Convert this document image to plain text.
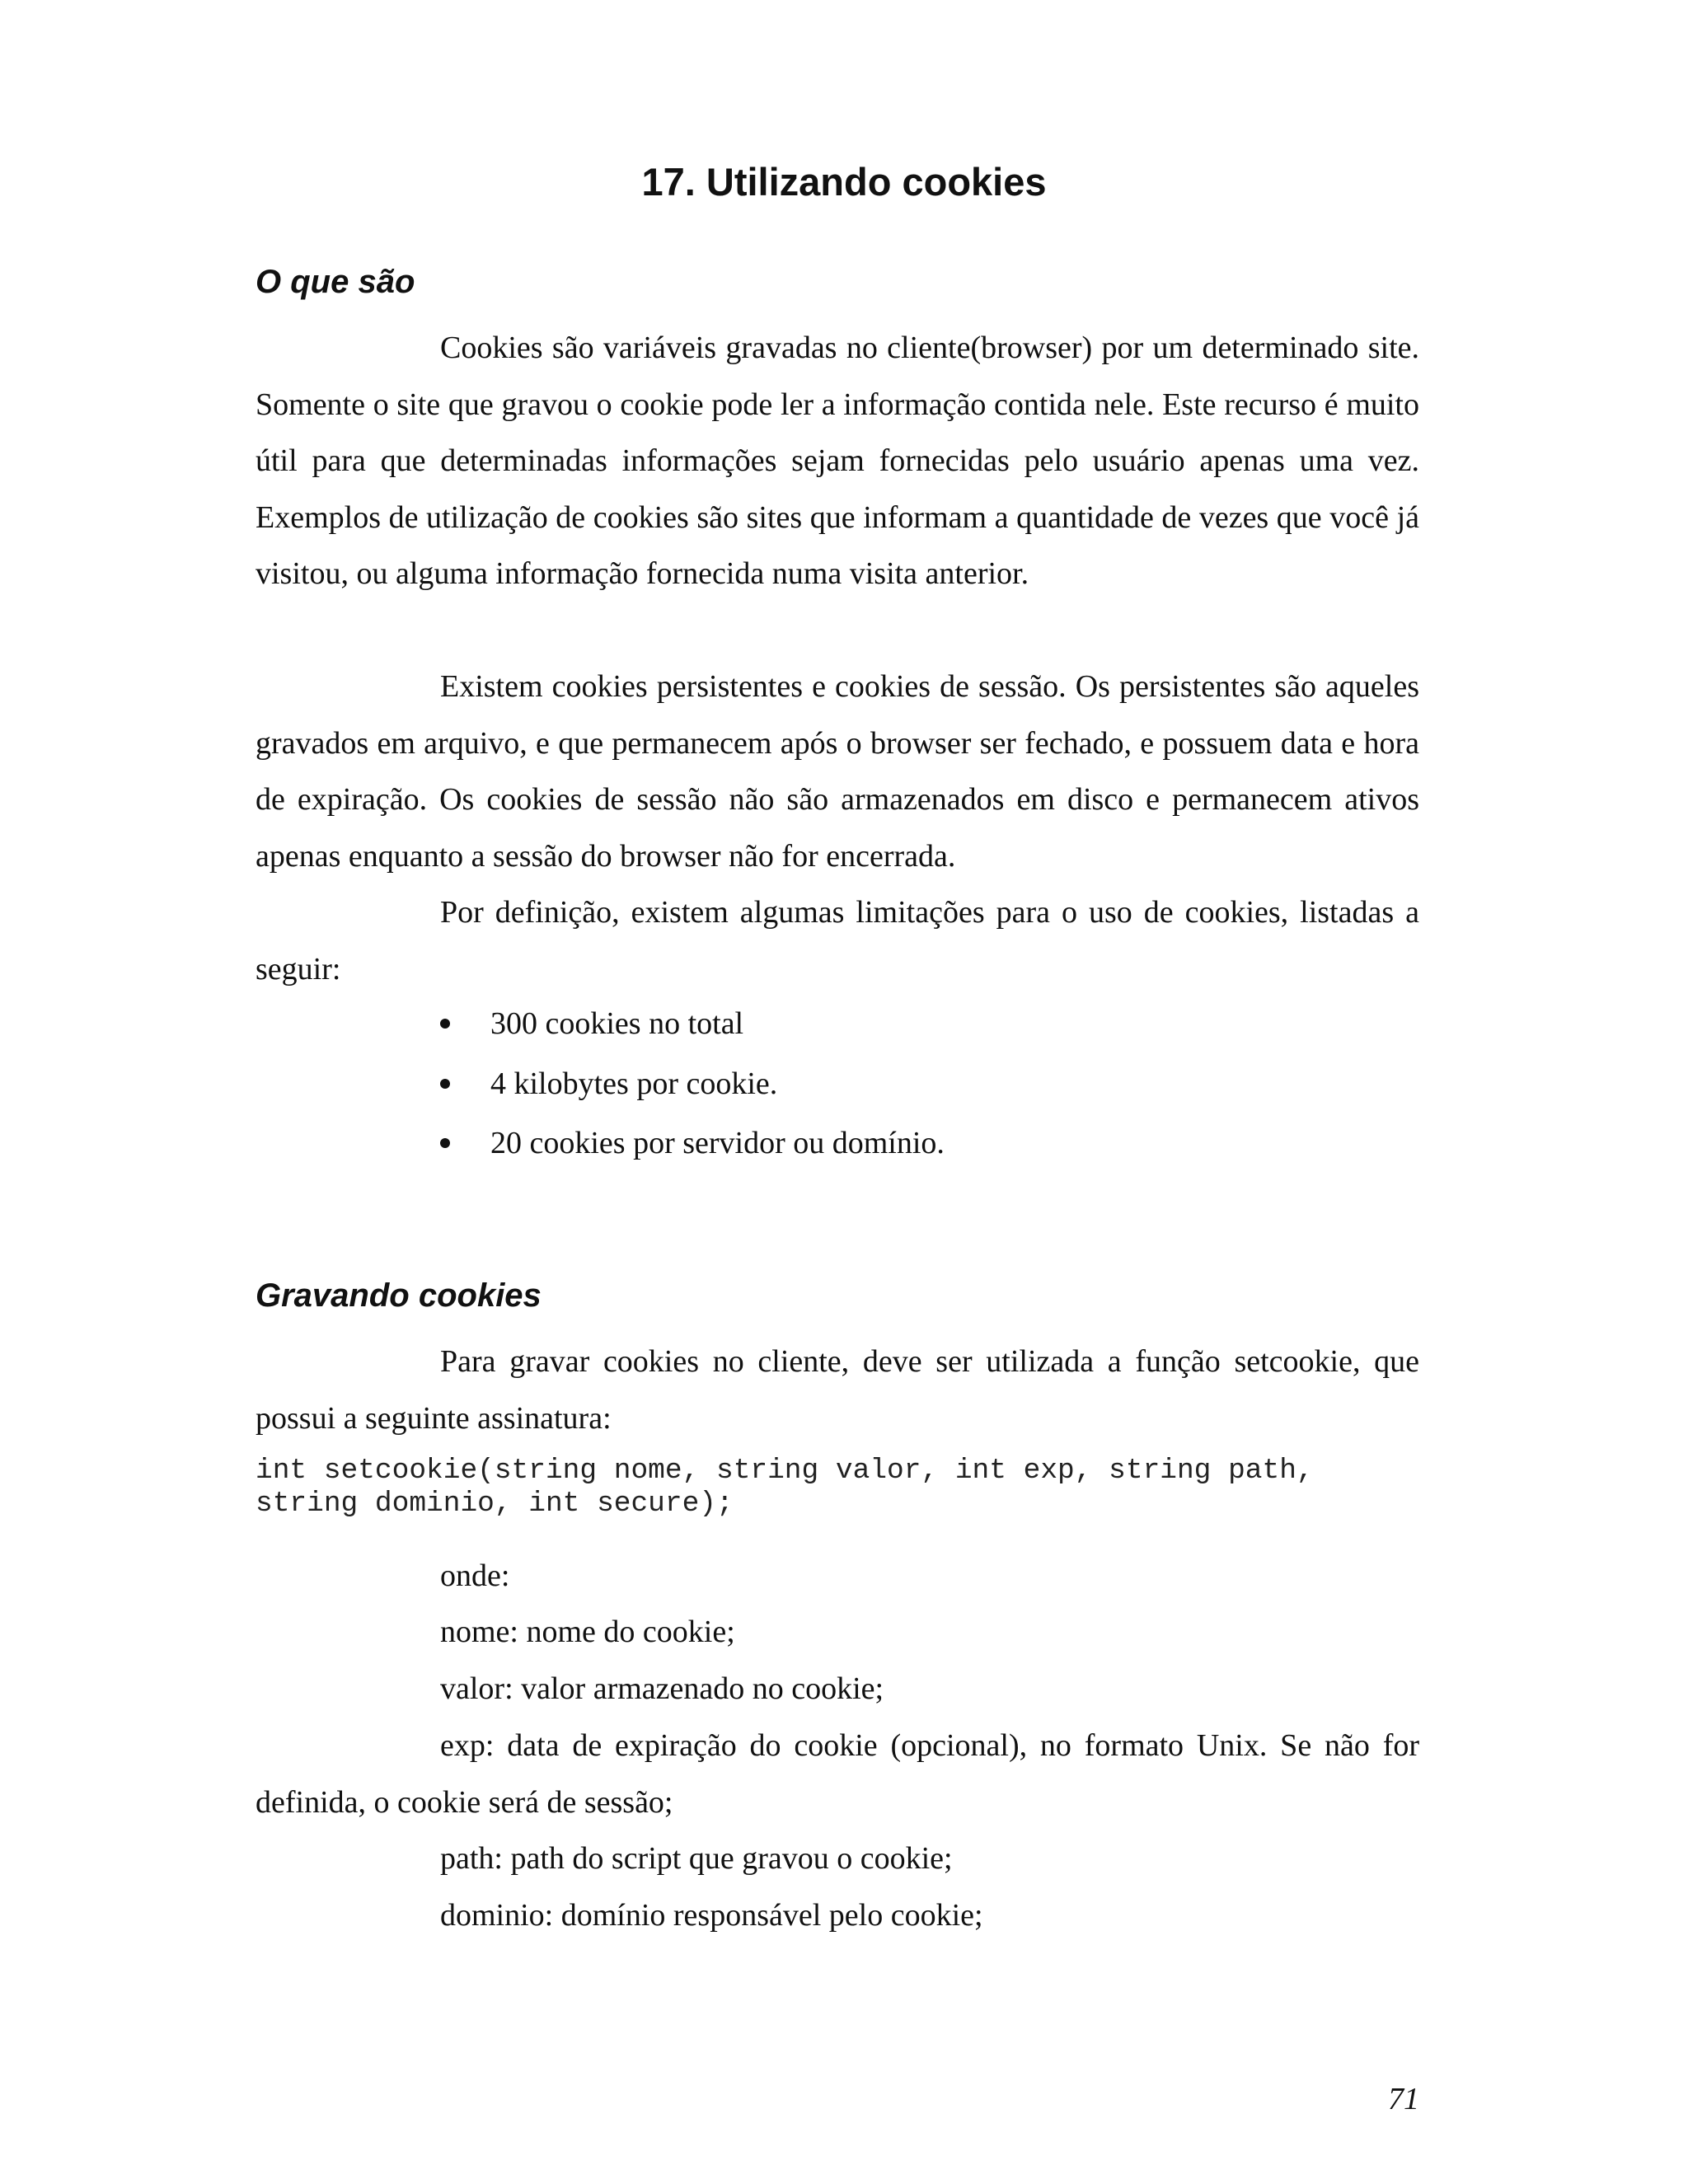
17. Utilizando cookies
O que são

Cookies são variáveis gravadas no cliente(browser) por um determinado site. Somente o site que gravou o cookie pode ler a informação contida nele. Este recurso é muito útil para que determinadas informações sejam fornecidas pelo usuário apenas uma vez. Exemplos de utilização de cookies são sites que informam a quantidade de vezes que você já visitou, ou alguma informação fornecida numa visita anterior.

Existem cookies persistentes e cookies de sessão. Os persistentes são aqueles gravados em arquivo, e que permanecem após o browser ser fechado, e possuem data e hora de expiração. Os cookies de sessão não são armazenados em disco e permanecem ativos apenas enquanto a sessão do browser não for encerrada.

Por definição, existem algumas limitações para o uso de cookies, listadas a seguir:

300 cookies no total
4 kilobytes por cookie.
20 cookies por servidor ou domínio.
Gravando cookies

Para gravar cookies no cliente, deve ser utilizada a função setcookie, que possui a seguinte assinatura:

int setcookie(string nome, string valor, int exp, string path,
string dominio, int secure);

onde:

nome: nome do cookie;

valor: valor armazenado no cookie;

exp: data de expiração do cookie (opcional), no formato Unix. Se não for definida, o cookie será de sessão;

path: path do script que gravou o cookie;

dominio: domínio responsável pelo cookie;

71
